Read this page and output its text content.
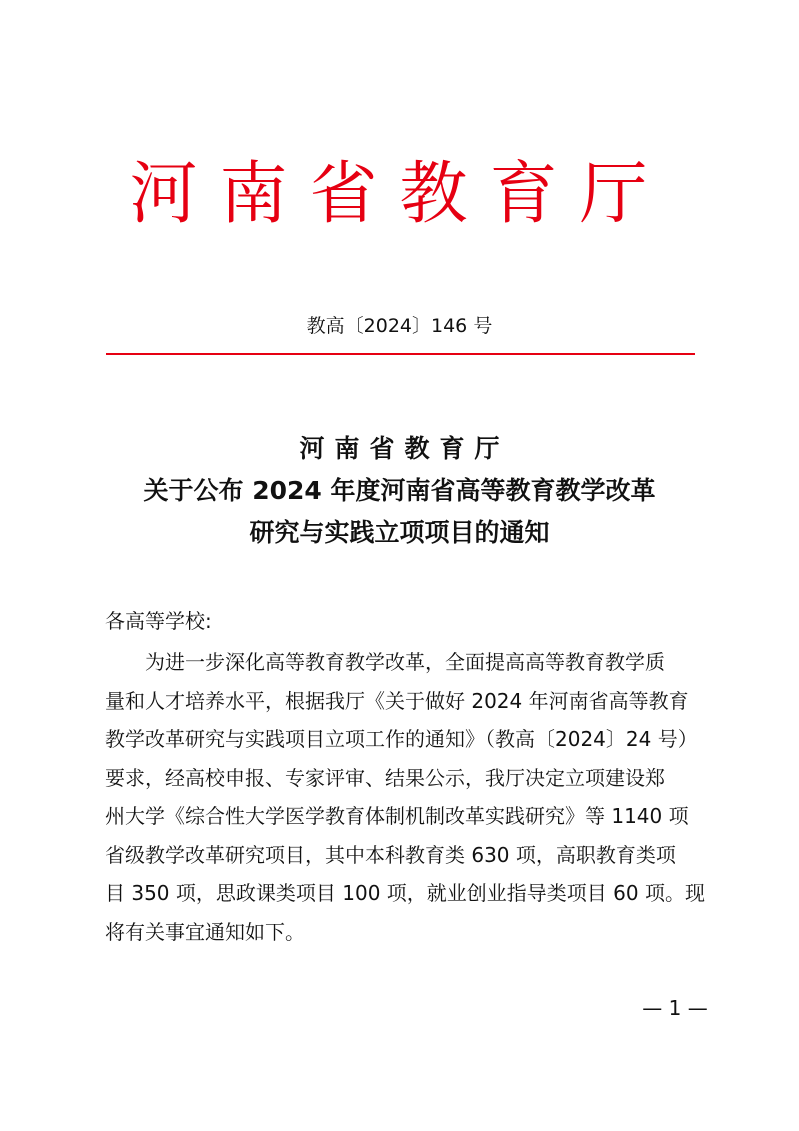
河南省教育厅
教高〔2024〕146 号
河南省教育厅
关于公布 2024 年度河南省高等教育教学改革
研究与实践立项项目的通知
各高等学校:
为进一步深化高等教育教学改革，全面提高高等教育教学质
量和人才培养水平，根据我厅《关于做好 2024 年河南省高等教育
教学改革研究与实践项目立项工作的通知》（教高〔2024〕24 号）
要求，经高校申报、专家评审、结果公示，我厅决定立项建设郑
州大学《综合性大学医学教育体制机制改革实践研究》等 1140 项
省级教学改革研究项目，其中本科教育类 630 项，高职教育类项
目 350 项，思政课类项目 100 项，就业创业指导类项目 60 项。现
将有关事宜通知如下。
— 1 —
